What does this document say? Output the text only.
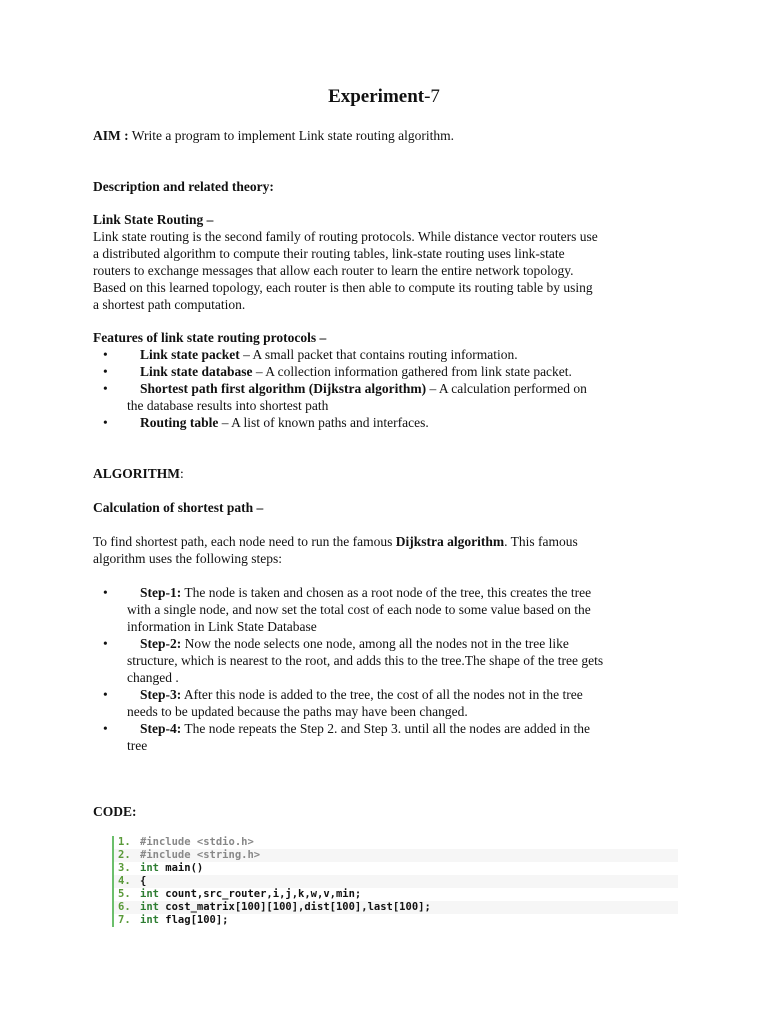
Experiment-7
AIM : Write a program to implement Link state routing algorithm.
Description and related theory:
Link State Routing –
Link state routing is the second family of routing protocols. While distance vector routers use
a distributed algorithm to compute their routing tables, link-state routing uses link-state
routers to exchange messages that allow each router to learn the entire network topology.
Based on this learned topology, each router is then able to compute its routing table by using
a shortest path computation.
Features of link state routing protocols –
• Link state packet – A small packet that contains routing information.
• Link state database – A collection information gathered from link state packet.
• Shortest path first algorithm (Dijkstra algorithm) – A calculation performed on
the database results into shortest path
• Routing table – A list of known paths and interfaces.
ALGORITHM:
Calculation of shortest path –
To find shortest path, each node need to run the famous Dijkstra algorithm. This famous
algorithm uses the following steps:
• Step-1: The node is taken and chosen as a root node of the tree, this creates the tree
with a single node, and now set the total cost of each node to some value based on the
information in Link State Database
• Step-2: Now the node selects one node, among all the nodes not in the tree like
structure, which is nearest to the root, and adds this to the tree.The shape of the tree gets
changed .
• Step-3: After this node is added to the tree, the cost of all the nodes not in the tree
needs to be updated because the paths may have been changed.
• Step-4: The node repeats the Step 2. and Step 3. until all the nodes are added in the
tree
CODE:
1. #include <stdio.h>
2. #include <string.h>
3. int main()
4. {
5. int count,src_router,i,j,k,w,v,min;
6. int cost_matrix[100][100],dist[100],last[100];
7. int flag[100];
